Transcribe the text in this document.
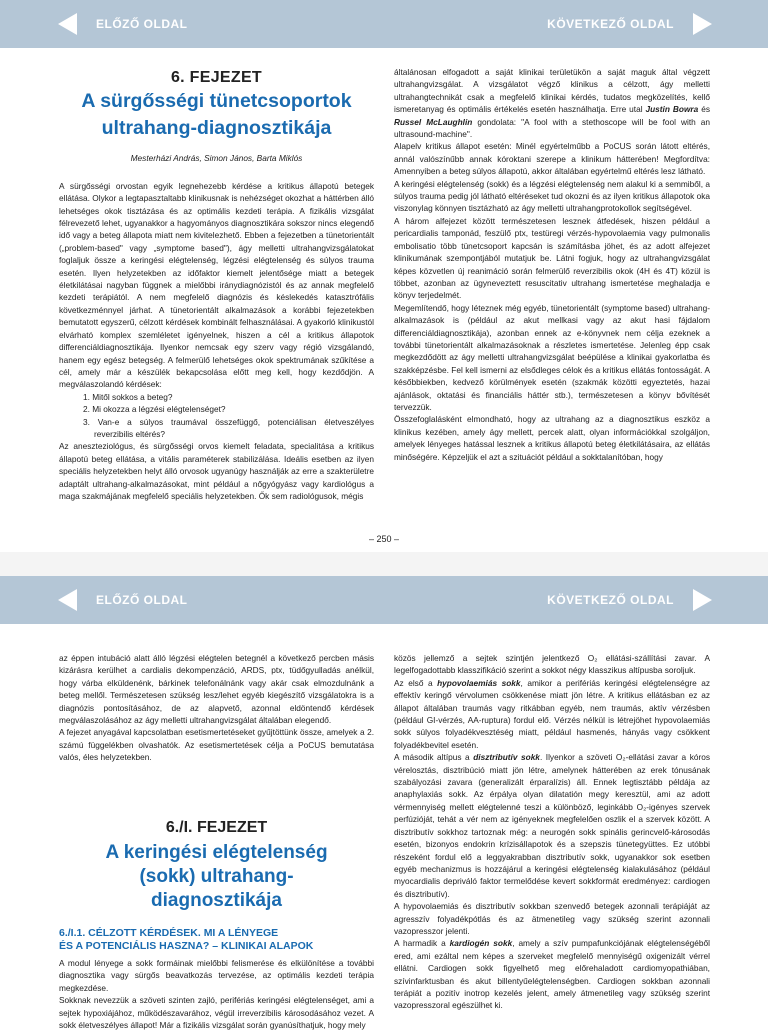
ELŐZŐ OLDAL	KÖVETKEZŐ OLDAL
6. FEJEZET
A sürgősségi tünetcsoportok
ultrahang-diagnosztikája
Mesterházi András, Simon János, Barta Miklós

A sürgősségi orvostan egyik legnehezebb kérdése a kritikus állapotú betegek ellátása. Olykor a legtapasztaltabb klinikusnak is nehézséget okozhat a háttérben álló lehetséges okok tisztázása és az optimális kezdeti terápia. A fizikális vizsgálat félrevezető lehet, ugyanakkor a hagyományos diagnosztikára sokszor nincs elegendő idő vagy a beteg állapota miatt nem kivitelezhető. Ebben a fejezetben a tünetorientált („problem-based" vagy „symptome based"), ágy melletti ultrahangvizsgálatokat foglaljuk össze a keringési elégtelenség, légzési elégtelenség és súlyos trauma esetén. Ilyen helyzetekben az időfaktor kiemelt jelentősége miatt a betegek életkilátásai nagyban függnek a mielőbbi iránydiagnózistól és az annak megfelelő kezdeti terápiától. A nem megfelelő diagnózis és késlekedés katasztrófális következménnyel járhat. A tünetorientált alkalmazások a korábbi fejezetekben bemutatott egyszerű, célzott kérdések kombinált felhasználásai. A gyakorló klinikustól elvárható komplex szemléletet igényelnek, hiszen a cél a kritikus állapotok differenciáldiagnosztikája. Ilyenkor nemcsak egy szerv vagy régió vizsgálandó, hanem egy egész betegség. A felmerülő lehetséges okok spektrumának szűkítése a cél, amely már a készülék bekapcsolása előtt meg kell, hogy kezdődjön. A megválaszolandó kérdések:

1. Mitől sokkos a beteg?

2. Mi okozza a légzési elégtelenséget?

3. Van-e a súlyos traumával összefüggő, potenciálisan életveszélyes reverzibilis eltérés?

Az aneszteziológus, és sürgősségi orvos kiemelt feladata, specialitása a kritikus állapotú beteg ellátása, a vitális paraméterek stabilizálása. Ideális esetben az ilyen speciális helyzetekben helyt álló orvosok ugyanúgy használják az erre a szakterületre adaptált ultrahang-alkalmazásokat, mint például a nőgyógyász vagy kardiológus a maga szakmájának megfelelő speciális helyzetekben. Ők sem radiológusok, mégis

általánosan elfogadott a saját klinikai területükön a saját maguk által végzett ultrahangvizsgálat. A vizsgálatot végző klinikus a célzott, ágy melletti ultrahangtechnikát csak a megfelelő klinikai kérdés, tudatos megközelítés, kellő ismeretanyag és optimális értékelés esetén használhatja. Erre utal Justin Bowra és Russel McLaughlin gondolata: "A fool with a stethoscope will be fool with an ultrasound-machine".

Alapelv kritikus állapot esetén: Minél egyértelműbb a PoCUS során látott eltérés, annál valószínűbb annak kóroktani szerepe a klinikum hátterében! Megfordítva: Amennyiben a beteg súlyos állapotú, akkor általában egyértelmű eltérés lesz látható.

A keringési elégtelenség (sokk) és a légzési elégtelenség nem alakul ki a semmiből, a súlyos trauma pedig jól látható eltéréseket tud okozni és az ilyen kritikus állapotok oka viszonylag könnyen tisztázható az ágy melletti ultrahangprotokollok segítségével.

A három alfejezet között természetesen lesznek átfedések, hiszen például a pericardialis tamponád, feszülő ptx, testüregi vérzés-hypovolaemia vagy pulmonalis embolisatio több tünetcsoport kapcsán is számításba jöhet, és az adott alfejezet klinikumának szempontjából mutatjuk be. Látni fogjuk, hogy az ultrahangvizsgálat képes közvetlen új reanimáció során felmerülő reverzibilis okok (4H és 4T) közül is többet, azonban az ügyneveztett resuscitativ ultrahang ismertetése meghaladja e könyv terjedelmét.

Megemlítendő, hogy léteznek még egyéb, tünetorientált (symptome based) ultrahang-alkalmazások is (például az akut mellkasi vagy az akut hasi fájdalom differenciáldiagnosztikája), azonban ennek az e-könyvnek nem célja ezeknek a további tünetorientált alkalmazásoknak a részletes ismertetése. Jelenleg épp csak megkezdődött az ágy melletti ultrahangvizsgálat beépülése a klinikai gyakorlatba és szakképzésbe. Fel kell ismerni az elsődleges célok és a kritikus ellátás fontosságát. A későbbiekben, kedvező körülmények esetén (szakmák közötti egyeztetés, hazai ajánlások, oktatási és financiális háttér stb.), természetesen a könyv bővítését tervezzük.

Összefoglalásként elmondható, hogy az ultrahang az a diagnosztikus eszköz a klinikus kezében, amely ágy mellett, percek alatt, olyan információkkal szolgáljon, amelyek lényeges hatással lesznek a kritikus állapotú beteg életkilátásaira, az ellátás minőségére. Képzeljük el azt a szituációt például a sokktalanítóban, hogy

– 250 –
ELŐZŐ OLDAL	KÖVETKEZŐ OLDAL

az éppen intubáció alatt álló légzési elégtelen betegnél a következő percben másis kizárásra kerülhet a cardialis dekompenzáció, ARDS, ptx, tüdőgyulladás anélkül, hogy várba elküldenénk, bárkinek telefonálnánk vagy akár csak elmozdulnánk a beteg mellől. Természetesen szükség lesz/lehet egyéb kiegészítő vizsgálatokra is a diagnózis pontosításához, de az alapvető, azonnal eldöntendő kérdések megválaszolásához az ágy melletti ultrahangvizsgálat általában elegendő.

A fejezet anyagával kapcsolatban esetismertetéseket gyűjtöttünk össze, amelyek a 2. számú függelékben olvashatók. Az esetismertetések célja a PoCUS bemutatása valós, éles helyzetekben.

6./I. FEJEZET
A keringési elégtelenség
(sokk) ultrahang-
diagnosztikája
6./I.1. CÉLZOTT KÉRDÉSEK. MI A LÉNYEGE
ÉS A POTENCIÁLIS HASZNA? – KLINIKAI ALAPOK

A modul lényege a sokk formáinak mielőbbi felismerése és elkülönítése a további diagnosztika vagy sürgős beavatkozás tervezése, az optimális kezdeti terápia megkezdése.

Sokknak nevezzük a szöveti szinten zajló, perifériás keringési elégtelenséget, ami a sejtek hypoxiájához, működészavarához, végül irreverzibilis károsodásához vezet. A sokk életveszélyes állapot! Már a fizikális vizsgálat során gyanúsíthatjuk, hogy mely

közös jellemző a sejtek szintjén jelentkező O₂ ellátási-szállítási zavar. A legelfogadottabb klasszifikáció szerint a sokkot négy klasszikus altípusba soroljuk.

Az első a hypovolaemiás sokk, amikor a perifériás keringési elégtelenségre az effektív keringő vérvolumen csökkenése miatt jön létre. A kritikus ellátásban ez az állapot általában traumás vagy ritkábban egyéb, nem traumás, aktív vérzésben (például GI-vérzés, AA-ruptura) fordul elő. Vérzés nélkül is létrejöhet hypovolaemiás sokk súlyos folyadékvesztéség miatt, például hasmenés, hányás vagy csökkent folyadékbevitel esetén.

A második altípus a disztributív sokk. Ilyenkor a szöveti O₂-ellátási zavar a kóros vérelosztás, disztribúció miatt jön létre, amelynek hátterében az erek tónusának szabályozási zavara (generalizált érparalízis) áll. Ennek legtisztább példája az anaphylaxiás sokk. Az érpálya olyan dilatatión megy keresztül, ami az adott vérmennyiség mellett elégtelenné teszi a különböző, leginkább O₂-igényes szervek perfúzióját, tehát a vér nem az igényeknek megfelelően oszlik el a szervek között. A disztributív sokkhoz tartoznak még: a neurogén sokk spinális gerincvelő-károsodás esetén, bizonyos endokrin krízisállapotok és a szepszis tünetegyüttes. Ez utóbbi részeként fordul elő a leggyakrabban disztributív sokk, ugyanakkor sok esetben egyéb mechanizmus is hozzájárul a keringési elégtelenség kialakulásához (például myocardialis depriváló faktor termelődése kevert sokkformát eredményez: cardiogen és disztributív).

A hypovolaemiás és disztributív sokkban szenvedő betegek azonnali terápiáját az agresszív folyadékpótlás és az ätmenetileg vagy szükség szerint azonnali vazopresszor jelenti.

A harmadik a kardiogén sokk, amely a szív pumpafunkciójának elégtelenségéből ered, ami ezáltal nem képes a szerveket megfelelő mennyiségű oxigenizált vérrel ellátni. Cardiogen sokk figyelhető meg előrehaladott cardiomyopathiában, szívinfarktusban és akut billentyűelégtelenségben. Cardiogen sokkban azonnali terápiát a pozitív inotrop kezelés jelent, amely átmenetileg vagy szükség szerint vazopresszoral egészülhet ki.
